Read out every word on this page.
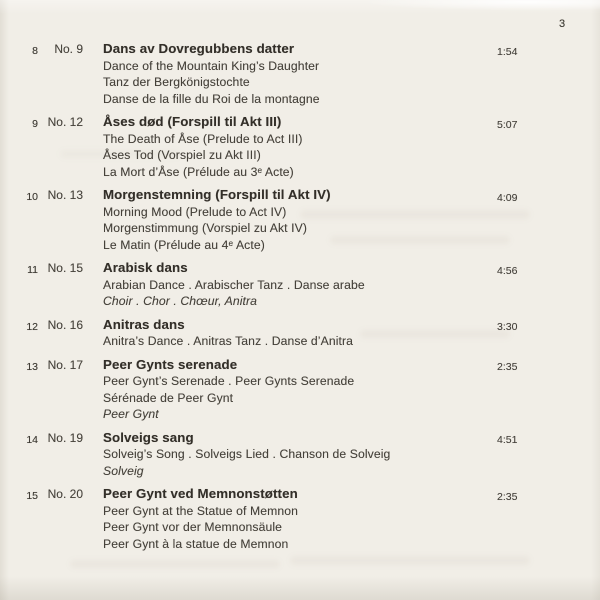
3
8	No. 9 Dans av Dovregubbens datter
Dance of the Mountain King’s Daughter
Tanz der Bergkönigstochte
Danse de la fille du Roi de la montagne
1:54
9 No. 12 Åses død (Forspill til Akt III)
The Death of Åse (Prelude to Act III)
Åses Tod (Vorspiel zu Akt III)
La Mort d’Åse (Prélude au 3ᵉ Acte)
5:07
10 No. 13 Morgenstemning (Forspill til Akt IV)
Morning Mood (Prelude to Act IV)
Morgenstimmung (Vorspiel zu Akt IV)
Le Matin (Prélude au 4ᵉ Acte)
4:09
11 No. 15 Arabisk dans
Arabian Dance . Arabischer Tanz . Danse arabe
Choir . Chor . Chœur, Anitra
4:56
12 No. 16 Anitras dans
Anitra’s Dance . Anitras Tanz . Danse d’Anitra
3:30
13 No. 17 Peer Gynts serenade
Peer Gynt’s Serenade . Peer Gynts Serenade
Sérénade de Peer Gynt
Peer Gynt
2:35
14 No. 19 Solveigs sang
Solveig’s Song . Solveigs Lied . Chanson de Solveig
Solveig
4:51
15 No. 20 Peer Gynt ved Memnonstøtten
Peer Gynt at the Statue of Memnon
Peer Gynt vor der Memnonsäule
Peer Gynt à la statue de Memnon
2:35
